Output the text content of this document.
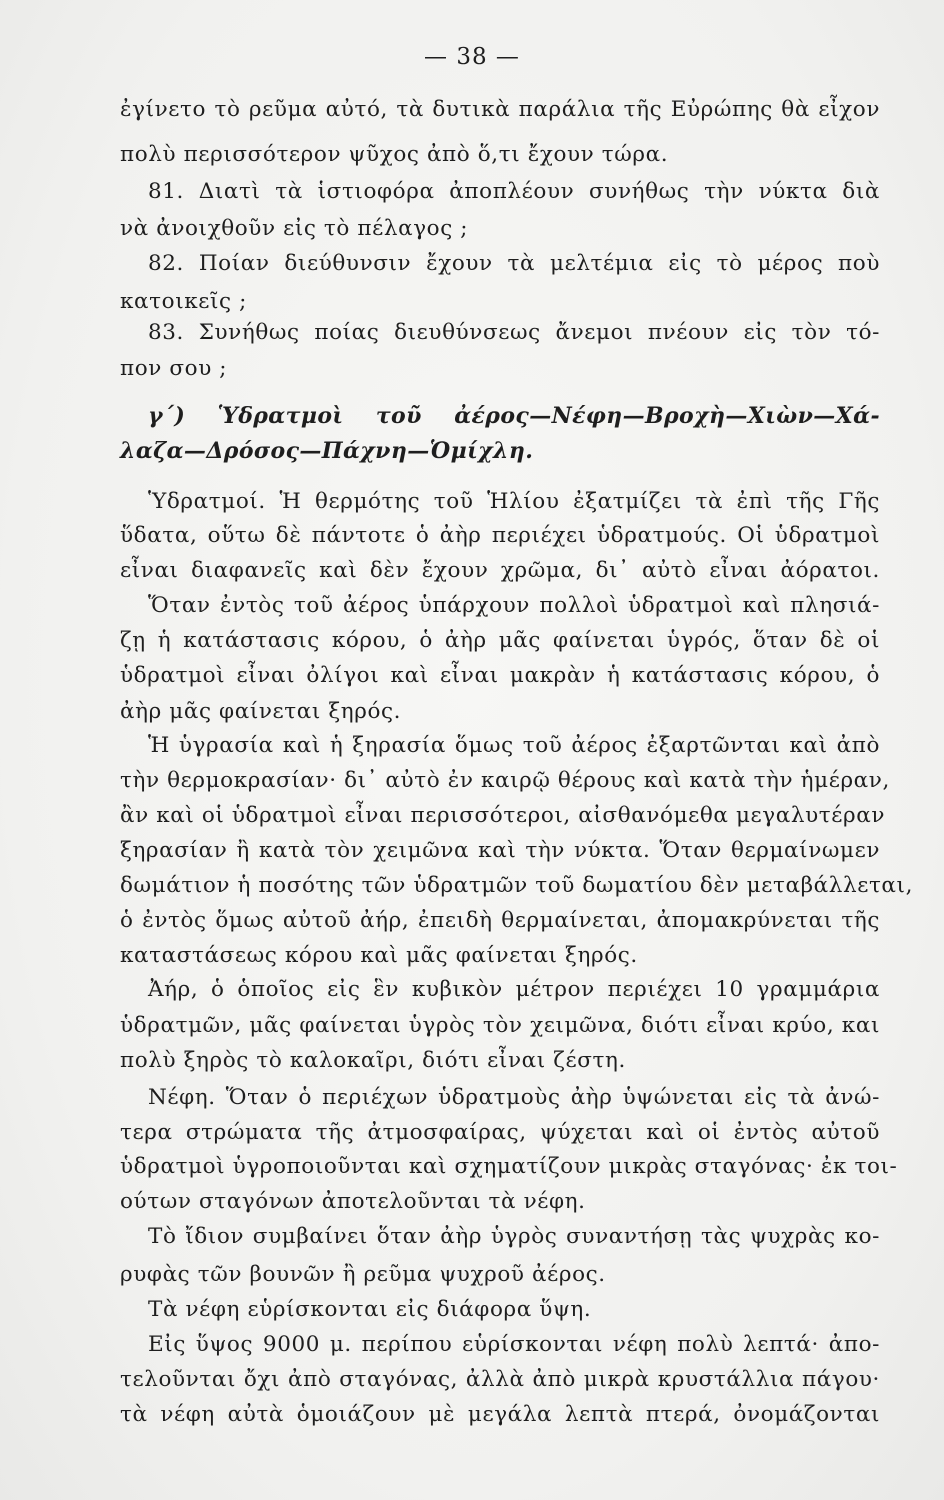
— 38 —
ἐγίνετο τὸ ρεῦμα αὐτό, τὰ δυτικὰ παράλια τῆς Εὐρώπης θὰ εἶχον
πολὺ περισσότερον ψῦχος ἀπὸ ὅ,τι ἔχουν τώρα.
81. Διατὶ τὰ ἱστιοφόρα ἀποπλέουν συνήθως τὴν νύκτα διὰ
νὰ ἀνοιχθοῦν εἰς τὸ πέλαγος ;
82. Ποίαν διεύθυνσιν ἔχουν τὰ μελτέμια εἰς τὸ μέρος ποὺ
κατοικεῖς ;
83. Συνήθως ποίας διευθύνσεως ἄνεμοι πνέουν εἰς τὸν τό-
πον σου ;
γ΄) Ὑδρατμοὶ τοῦ ἀέρος—Νέφη—Βροχὴ—Χιὼν—Χά-
λαζα—Δρόσος—Πάχνη—Ὁμίχλη.
Ὑδρατμοί. Ἡ θερμότης τοῦ Ἡλίου ἐξατμίζει τὰ ἐπὶ τῆς Γῆς
ὕδατα, οὕτω δὲ πάντοτε ὁ ἀὴρ περιέχει ὑδρατμούς. Οἱ ὑδρατμοὶ
εἶναι διαφανεῖς καὶ δὲν ἔχουν χρῶμα, δι᾽ αὐτὸ εἶναι ἀόρατοι.
Ὅταν ἐντὸς τοῦ ἀέρος ὑπάρχουν πολλοὶ ὑδρατμοὶ καὶ πλησιά-
ζῃ ἡ κατάστασις κόρου, ὁ ἀὴρ μᾶς φαίνεται ὑγρός, ὅταν δὲ οἱ
ὑδρατμοὶ εἶναι ὀλίγοι καὶ εἶναι μακρὰν ἡ κατάστασις κόρου, ὁ
ἀὴρ μᾶς φαίνεται ξηρός.
Ἡ ὑγρασία καὶ ἡ ξηρασία ὅμως τοῦ ἀέρος ἐξαρτῶνται καὶ ἀπὸ
τὴν θερμοκρασίαν· δι᾽ αὐτὸ ἐν καιρῷ θέρους καὶ κατὰ τὴν ἡμέραν,
ἂν καὶ οἱ ὑδρατμοὶ εἶναι περισσότεροι, αἰσθανόμεθα μεγαλυτέραν
ξηρασίαν ἢ κατὰ τὸν χειμῶνα καὶ τὴν νύκτα. Ὅταν θερμαίνωμεν
δωμάτιον ἡ ποσότης τῶν ὑδρατμῶν τοῦ δωματίου δὲν μεταβάλλεται,
ὁ ἐντὸς ὅμως αὐτοῦ ἀήρ, ἐπειδὴ θερμαίνεται, ἀπομακρύνεται τῆς
καταστάσεως κόρου καὶ μᾶς φαίνεται ξηρός.
Ἀήρ, ὁ ὁποῖος εἰς ἓν κυβικὸν μέτρον περιέχει 10 γραμμάρια
ὑδρατμῶν, μᾶς φαίνεται ὑγρὸς τὸν χειμῶνα, διότι εἶναι κρύο, και
πολὺ ξηρὸς τὸ καλοκαῖρι, διότι εἶναι ζέστη.
Νέφη. Ὅταν ὁ περιέχων ὑδρατμοὺς ἀὴρ ὑψώνεται εἰς τὰ ἀνώ-
τερα στρώματα τῆς ἀτμοσφαίρας, ψύχεται καὶ οἱ ἐντὸς αὐτοῦ
ὑδρατμοὶ ὑγροποιοῦνται καὶ σχηματίζουν μικρὰς σταγόνας· ἐκ τοι-
ούτων σταγόνων ἀποτελοῦνται τὰ νέφη.
Τὸ ἴδιον συμβαίνει ὅταν ἀὴρ ὑγρὸς συναντήσῃ τὰς ψυχρὰς κο-
ρυφὰς τῶν βουνῶν ἢ ρεῦμα ψυχροῦ ἀέρος.
Τὰ νέφη εὑρίσκονται εἰς διάφορα ὕψη.
Εἰς ὕψος 9000 μ. περίπου εὑρίσκονται νέφη πολὺ λεπτά· ἀπο-
τελοῦνται ὄχι ἀπὸ σταγόνας, ἀλλὰ ἀπὸ μικρὰ κρυστάλλια πάγου·
τὰ νέφη αὐτὰ ὁμοιάζουν μὲ μεγάλα λεπτὰ πτερά, ὀνομάζονται
